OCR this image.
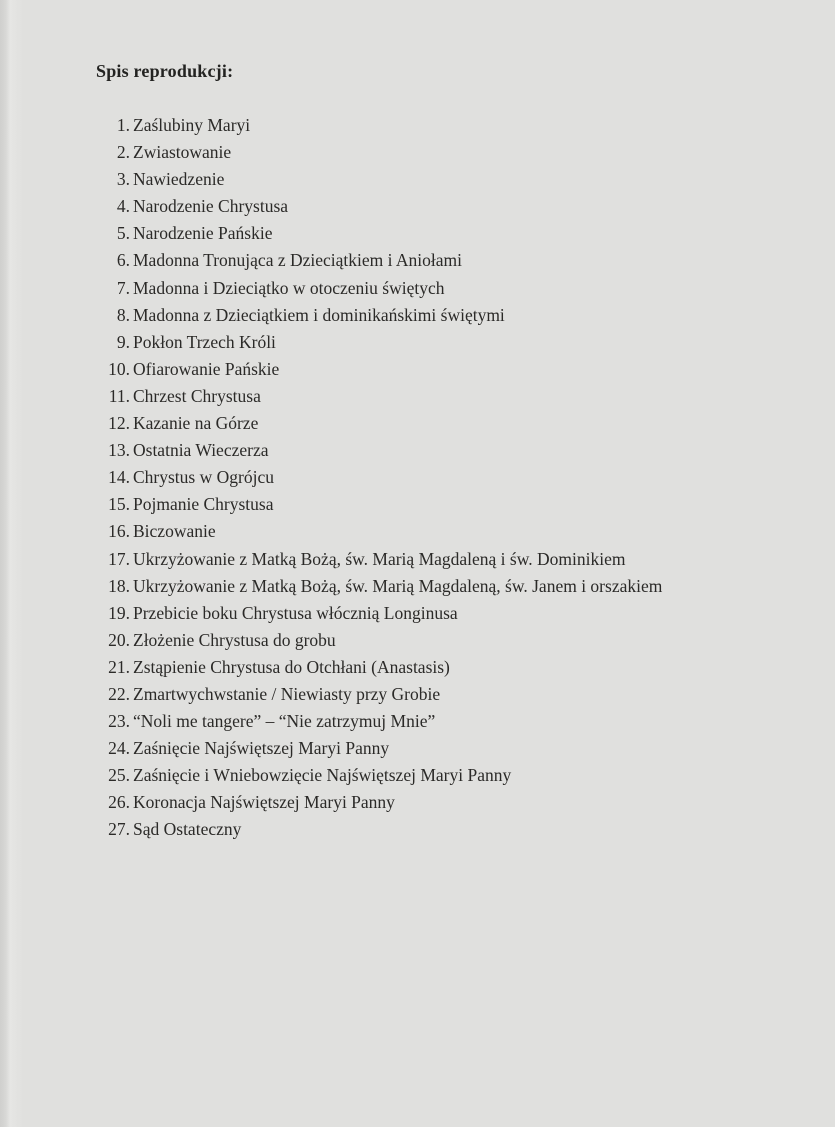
Spis reprodukcji:
1. Zaślubiny Maryi
2. Zwiastowanie
3. Nawiedzenie
4. Narodzenie Chrystusa
5. Narodzenie Pańskie
6. Madonna Tronująca z Dzieciątkiem i Aniołami
7. Madonna i Dzieciątko w otoczeniu świętych
8. Madonna z Dzieciątkiem i dominikańskimi świętymi
9. Pokłon Trzech Króli
10. Ofiarowanie Pańskie
11. Chrzest Chrystusa
12. Kazanie na Górze
13. Ostatnia Wieczerza
14. Chrystus w Ogrójcu
15. Pojmanie Chrystusa
16. Biczowanie
17. Ukrzyżowanie z Matką Bożą, św. Marią Magdaleną i św. Dominikiem
18. Ukrzyżowanie z Matką Bożą, św. Marią Magdaleną, św. Janem i orszakiem
19. Przebicie boku Chrystusa włócznią Longinusa
20. Złożenie Chrystusa do grobu
21. Zstąpienie Chrystusa do Otchłani (Anastasis)
22. Zmartwychwstanie / Niewiasty przy Grobie
23. “Noli me tangere” – “Nie zatrzymuj Mnie”
24. Zaśnięcie Najświętszej Maryi Panny
25. Zaśnięcie i Wniebowzięcie Najświętszej Maryi Panny
26. Koronacja Najświętszej Maryi Panny
27. Sąd Ostateczny
